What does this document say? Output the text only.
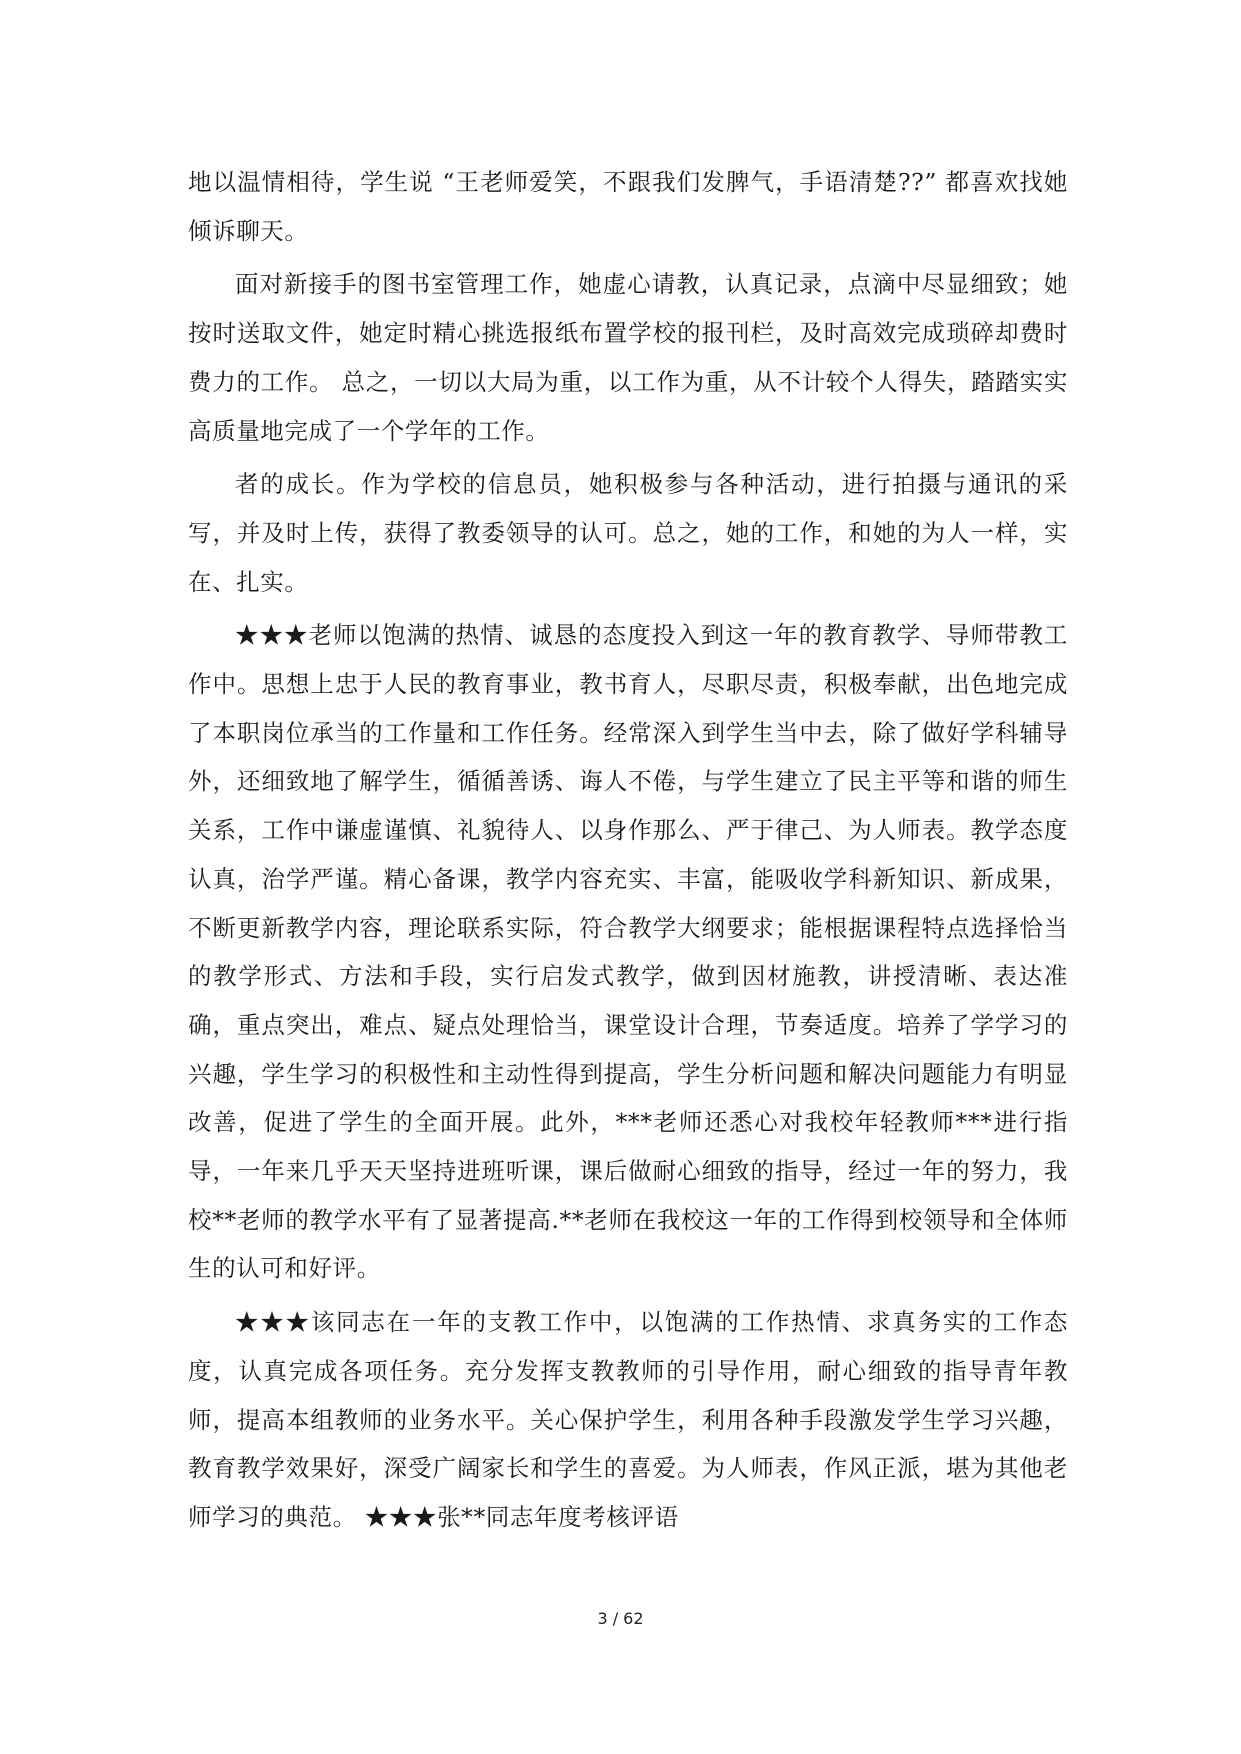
地以温情相待，学生说 “王老师爱笑，不跟我们发脾气，手语清楚??” 都喜欢找她倾诉聊天。

面对新接手的图书室管理工作，她虚心请教，认真记录，点滴中尽显细致；她按时送取文件，她定时精心挑选报纸布置学校的报刊栏，及时高效完成琐碎却费时费力的工作。 总之，一切以大局为重，以工作为重，从不计较个人得失，踏踏实实高质量地完成了一个学年的工作。

者的成长。作为学校的信息员，她积极参与各种活动，进行拍摄与通讯的采写，并及时上传，获得了教委领导的认可。总之，她的工作，和她的为人一样，实在、扎实。

★★★老师以饱满的热情、诚恳的态度投入到这一年的教育教学、导师带教工作中。思想上忠于人民的教育事业，教书育人，尽职尽责，积极奉献，出色地完成了本职岗位承当的工作量和工作任务。经常深入到学生当中去，除了做好学科辅导外，还细致地了解学生，循循善诱、诲人不倦，与学生建立了民主平等和谐的师生关系，工作中谦虚谨慎、礼貌待人、以身作那么、严于律己、为人师表。教学态度认真，治学严谨。精心备课，教学内容充实、丰富，能吸收学科新知识、新成果，不断更新教学内容，理论联系实际，符合教学大纲要求；能根据课程特点选择恰当的教学形式、方法和手段，实行启发式教学，做到因材施教，讲授清晰、表达准确，重点突出，难点、疑点处理恰当，课堂设计合理，节奏适度。培养了学学习的兴趣，学生学习的积极性和主动性得到提高，学生分析问题和解决问题能力有明显改善，促进了学生的全面开展。此外，***老师还悉心对我校年轻教师***进行指导，一年来几乎天天坚持进班听课，课后做耐心细致的指导，经过一年的努力，我校**老师的教学水平有了显著提高.**老师在我校这一年的工作得到校领导和全体师生的认可和好评。

★★★该同志在一年的支教工作中，以饱满的工作热情、求真务实的工作态度，认真完成各项任务。充分发挥支教教师的引导作用，耐心细致的指导青年教师，提高本组教师的业务水平。关心保护学生，利用各种手段激发学生学习兴趣，教育教学效果好，深受广阔家长和学生的喜爱。为人师表，作风正派，堪为其他老师学习的典范。 ★★★张**同志年度考核评语

3 / 62
